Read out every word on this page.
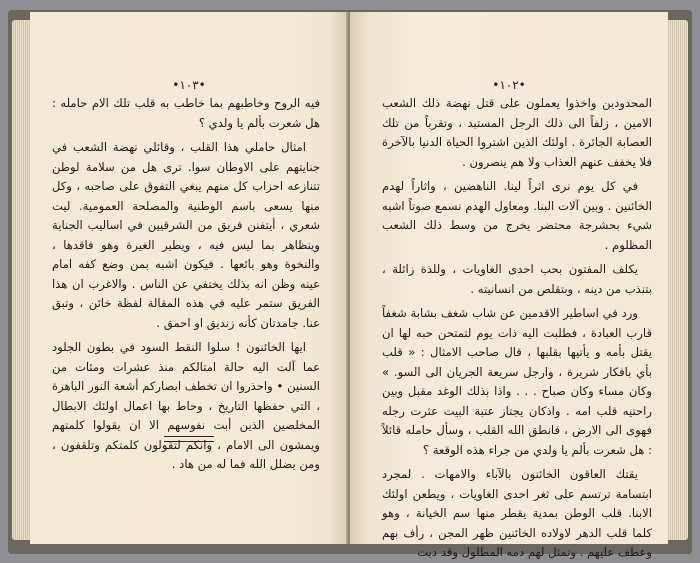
•١٠٣•

فيه الروح وخاطبهم بما خاطب به قلب تلك الام حامله : هل شعرت بألم يا ولدي ؟

امثال حاملي هذا القلب ، وقائلي نهضة الشعب في جنايتهم على الاوطان سوا. ترى هل من سلامة لوطن تتنازعه احزاب كل منهم يبغي التفوق على صاحبه ، وكل منها يسعى باسم الوطنية والمصلحة العمومية. ليت شعري ، أيتفنن فريق من الشرقيين في اساليب الجناية وينظاهر بما ليس فيه ، ويطير الغيرة وهو فاقدها ، والنخوة وهو بائعها . فيكون اشبه بمن وضع كفه امام عينه وظن انه بذلك يختفي عن الناس . والاغرب ان هذا الفريق ستمر عليه في هذه المقالة لفظة خائن ، وتبق عنا. جامدتان كأنه زنديق او احمق .

ايها الخائنون ! سلوا النقط السود في بطون الجلود عما آلت اليه حالة امتالكم منذ عشرات ومئات من السنين • واحذروا ان تخطف ابصاركم أشعة النور الباهرة ، التي حفظها التاريخ ، وحاط بها اعمال اولئك الابطال المخلصين الذين أبت نفوسهم الا ان يقولوا كلمتهم ويمشون الى الامام ، وانكم لتقولون كلمتكم وتلقفون ، ومن يضلل الله فما له من هاد .

•١٠٢•

المحدودين واخذوا يعملون على قتل نهضة ذلك الشعب الامين ، زلفاً الى ذلك الرجل المستبد ، وتقرباً من تلك العصابة الجائرة . اولئك الذين اشتروا الحياة الدنيا بالآخرة فلا يخفف عنهم العذاب ولا هم ينصرون .

في كل يوم نرى اثراً لينا. الناهضين ، واثاراً لهدم الخائنين . وبين آلات البنا. ومعاول الهدم نسمع صوتاً اشبه شيء بحشرجة محتضر يخرج من وسط ذلك الشعب المظلوم .

يكلف المفتون بحب احدى الغاويات ، وللذة زائلة ، بتنذب من دينه ، وبتقلص من انسانيته .

ورد في اساطير الاقدمين عن شاب شغف بشابة شغفاً قارب العبادة ، فطلبت اليه ذات يوم لتمتحن حبه لها ان يقتل بأمه و يأتيها بقلبها ، قال صاحب الامثال : « قلب بأي بافكار شريرة ، وارجل سريعة الجريان الى السو. » وكان مساء وكان صباح . . . واذا بذلك الوغد مقبل وبين راحتيه قلب امه . واذكان يجتاز عتبة البيت عثرت رجله فهوى الى الارض ، فانطق الله القلب ، وسأل حامله قائلاً : هل شعرت بألم يا ولدي من جراء هذه الوقعة ؟

يقتك العاقون الخائنون بالآباء والامهات . لمجرد ابتسامة ترتسم على ثغر احدى الغاويات ، ويطعن اولئك الابنا. قلب الوطن بمدية يقطر منها سم الخيانة ، وهو كلما قلب الدهر لاولاده الخائنين ظهر المجن ، رأف بهم وعطف عليهم . وتمثل لهم دمه المطلول وقد دبت
